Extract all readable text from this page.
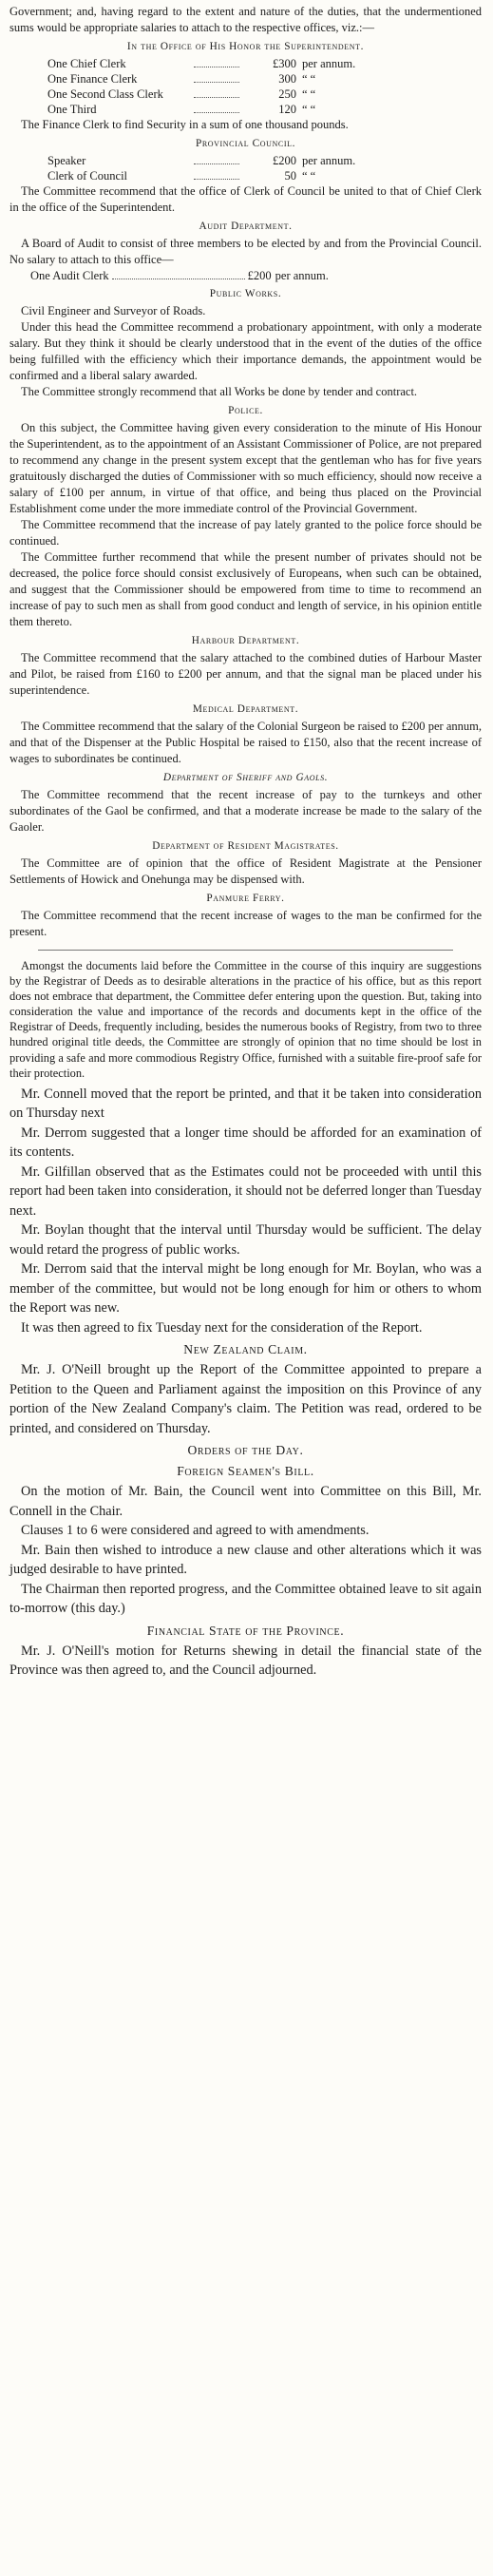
Government; and, having regard to the extent and nature of the duties, that the undermentioned sums would be appropriate salaries to attach to the respective offices, viz.:—

In the Office of His Honor the Superintendent.

One Chief Clerk	£300 per annum.
One Finance Clerk	300 “ “
One Second Class Clerk	250 “ “
One Third	120 “ “

The Finance Clerk to find Security in a sum of one thousand pounds.

Provincial Council.

Speaker	£200 per annum.
Clerk of Council	50 “ “

The Committee recommend that the office of Clerk of Council be united to that of Chief Clerk in the office of the Superintendent.

Audit Department.

A Board of Audit to consist of three members to be elected by and from the Provincial Council. No salary to attach to this office—

One Audit Clerk	£200 per annum.

Public Works.

Civil Engineer and Surveyor of Roads.

Under this head the Committee recommend a probationary appointment, with only a moderate salary. But they think it should be clearly understood that in the event of the duties of the office being fulfilled with the efficiency which their importance demands, the appointment would be confirmed and a liberal salary awarded.

The Committee strongly recommend that all Works be done by tender and contract.

Police.

On this subject, the Committee having given every consideration to the minute of His Honour the Superintendent, as to the appointment of an Assistant Commissioner of Police, are not prepared to recommend any change in the present system except that the gentleman who has for five years gratuitously discharged the duties of Commissioner with so much efficiency, should now receive a salary of £100 per annum, in virtue of that office, and being thus placed on the Provincial Establishment come under the more immediate control of the Provincial Government.

The Committee recommend that the increase of pay lately granted to the police force should be continued.

The Committee further recommend that while the present number of privates should not be decreased, the police force should consist exclusively of Europeans, when such can be obtained, and suggest that the Commissioner should be empowered from time to time to recommend an increase of pay to such men as shall from good conduct and length of service, in his opinion entitle them thereto.

Harbour Department.

The Committee recommend that the salary attached to the combined duties of Harbour Master and Pilot, be raised from £160 to £200 per annum, and that the signal man be placed under his superintendence.

Medical Department.

The Committee recommend that the salary of the Colonial Surgeon be raised to £200 per annum, and that of the Dispenser at the Public Hospital be raised to £150, also that the recent increase of wages to subordinates be continued.

Department of Sheriff and Gaols.

The Committee recommend that the recent increase of pay to the turnkeys and other subordinates of the Gaol be confirmed, and that a moderate increase be made to the salary of the Gaoler.

Department of Resident Magistrates.

The Committee are of opinion that the office of Resident Magistrate at the Pensioner Settlements of Howick and Onehunga may be dispensed with.

Panmure Ferry.

The Committee recommend that the recent increase of wages to the man be confirmed for the present.

Amongst the documents laid before the Committee in the course of this inquiry are suggestions by the Registrar of Deeds as to desirable alterations in the practice of his office, but as this report does not embrace that department, the Committee defer entering upon the question. But, taking into consideration the value and importance of the records and documents kept in the office of the Registrar of Deeds, frequently including, besides the numerous books of Registry, from two to three hundred original title deeds, the Committee are strongly of opinion that no time should be lost in providing a safe and more commodious Registry Office, furnished with a suitable fire-proof safe for their protection.

Mr. Connell moved that the report be printed, and that it be taken into consideration on Thursday next

Mr. Derrom suggested that a longer time should be afforded for an examination of its contents.

Mr. Gilfillan observed that as the Estimates could not be proceeded with until this report had been taken into consideration, it should not be deferred longer than Tuesday next.

Mr. Boylan thought that the interval until Thursday would be sufficient. The delay would retard the progress of public works.

Mr. Derrom said that the interval might be long enough for Mr. Boylan, who was a member of the committee, but would not be long enough for him or others to whom the Report was new.

It was then agreed to fix Tuesday next for the consideration of the Report.

New Zealand Claim.

Mr. J. O'Neill brought up the Report of the Committee appointed to prepare a Petition to the Queen and Parliament against the imposition on this Province of any portion of the New Zealand Company's claim. The Petition was read, ordered to be printed, and considered on Thursday.

Orders of the Day.

Foreign Seamen's Bill.

On the motion of Mr. Bain, the Council went into Committee on this Bill, Mr. Connell in the Chair.

Clauses 1 to 6 were considered and agreed to with amendments.

Mr. Bain then wished to introduce a new clause and other alterations which it was judged desirable to have printed.

The Chairman then reported progress, and the Committee obtained leave to sit again to-morrow (this day.)

Financial State of the Province.

Mr. J. O'Neill's motion for Returns shewing in detail the financial state of the Province was then agreed to, and the Council adjourned.
